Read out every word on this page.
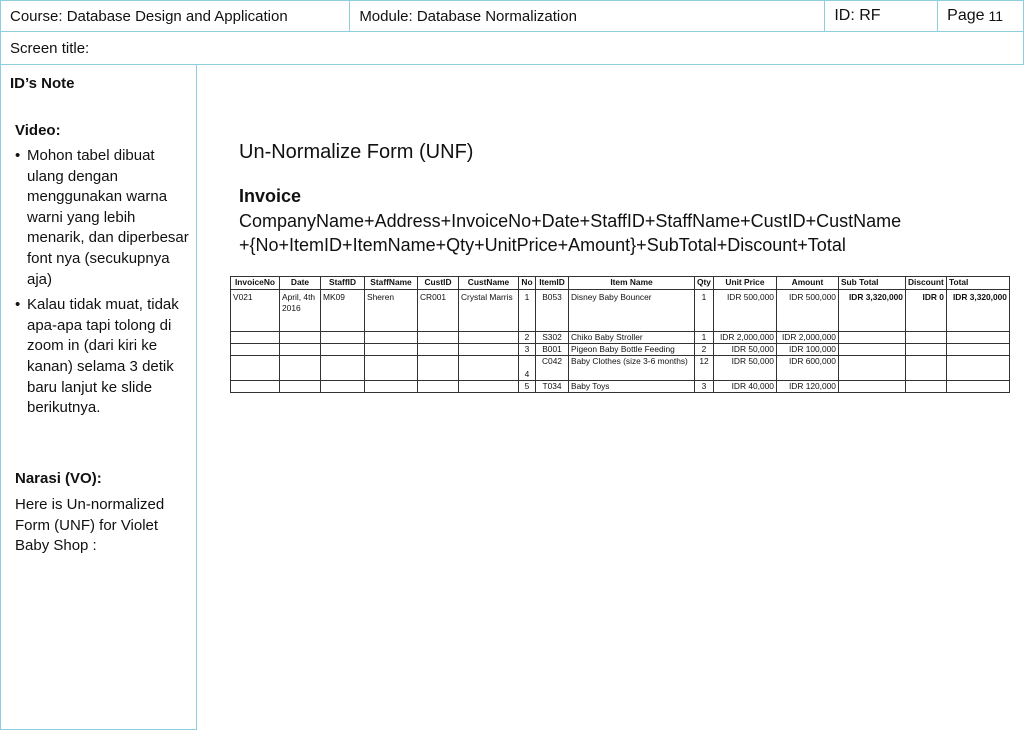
Course: Database Design and Application	Module: Database Normalization	ID: RF	Page 11
Screen title:
ID’s Note
Video:
• Mohon tabel dibuat ulang dengan menggunakan warna warni yang lebih menarik, dan diperbesar font nya (secukupnya aja)
• Kalau tidak muat, tidak apa-apa tapi tolong di zoom in (dari kiri ke kanan) selama 3 detik baru lanjut ke slide berikutnya.
Narasi (VO):
Here is Un-normalized Form (UNF) for Violet Baby Shop :
Un-Normalize Form (UNF)
Invoice
CompanyName+Address+InvoiceNo+Date+StaffID+StaffName+CustID+CustName
+{No+ItemID+ItemName+Qty+UnitPrice+Amount}+SubTotal+Discount+Total
InvoiceNo	Date	StaffID	StaffName	CustID	CustName	No	ItemID	Item Name	Qty	Unit Price	Amount	Sub Total	Discount	Total
V021	April, 4th 2016	MK09	Sheren	CR001	Crystal Marris	1	B053	Disney Baby Bouncer	1	IDR 500,000	IDR 500,000	IDR 3,320,000	IDR 0	IDR 3,320,000
						2	S302	Chiko Baby Stroller	1	IDR 2,000,000	IDR 2,000,000			
						3	B001	Pigeon Baby Bottle Feeding	2	IDR 50,000	IDR 100,000			
						4	C042	Baby Clothes (size 3-6 months)	12	IDR 50,000	IDR 600,000			
						5	T034	Baby Toys	3	IDR 40,000	IDR 120,000			
